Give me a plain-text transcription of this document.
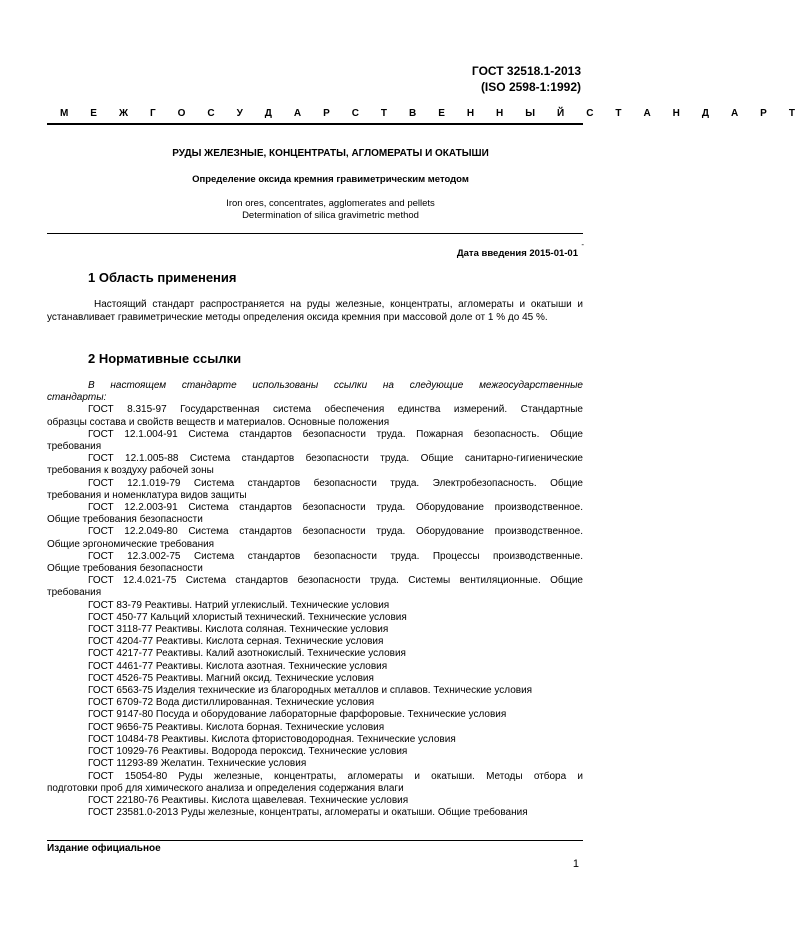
ГОСТ 32518.1-2013
(ISO 2598-1:1992)
М Е Ж Г О С У Д А Р С Т В Е Н Н Ы Й С Т А Н Д А Р Т
РУДЫ ЖЕЛЕЗНЫЕ, КОНЦЕНТРАТЫ, АГЛОМЕРАТЫ И ОКАТЫШИ
Определение оксида кремния гравиметрическим методом
Iron ores, concentrates, agglomerates and pellets
Determination of silica gravimetric method
-
Дата введения 2015-01-01
1 Область применения
Настоящий стандарт распространяется на руды железные, концентраты, агломераты и окатыши и устанавливает гравиметрические методы определения оксида кремния при массовой доле от 1 % до 45 %.
2 Нормативные ссылки
В настоящем стандарте использованы ссылки на следующие межгосударственные
стандарты:
ГОСТ 8.315-97 Государственная система обеспечения единства измерений. Стандартные
образцы состава и свойств веществ и материалов. Основные положения
ГОСТ 12.1.004-91 Система стандартов безопасности труда. Пожарная безопасность. Общие
требования
ГОСТ 12.1.005-88 Система стандартов безопасности труда. Общие санитарно-гигиенические
требования к воздуху рабочей зоны
ГОСТ 12.1.019-79 Система стандартов безопасности труда. Электробезопасность. Общие
требования и номенклатура видов защиты
ГОСТ 12.2.003-91 Система стандартов безопасности труда. Оборудование производственное.
Общие требования безопасности
ГОСТ 12.2.049-80 Система стандартов безопасности труда. Оборудование производственное.
Общие эргономические требования
ГОСТ 12.3.002-75 Система стандартов безопасности труда. Процессы производственные.
Общие требования безопасности
ГОСТ 12.4.021-75 Система стандартов безопасности труда. Системы вентиляционные. Общие
требования
ГОСТ 83-79 Реактивы. Натрий углекислый. Технические условия
ГОСТ 450-77 Кальций хлористый технический. Технические условия
ГОСТ 3118-77 Реактивы. Кислота соляная. Технические условия
ГОСТ 4204-77 Реактивы. Кислота серная. Технические условия
ГОСТ 4217-77 Реактивы. Калий азотнокислый. Технические условия
ГОСТ 4461-77 Реактивы. Кислота азотная. Технические условия
ГОСТ 4526-75 Реактивы. Магний оксид. Технические условия
ГОСТ 6563-75 Изделия технические из благородных металлов и сплавов. Технические условия
ГОСТ 6709-72 Вода дистиллированная. Технические условия
ГОСТ 9147-80 Посуда и оборудование лабораторные фарфоровые. Технические условия
ГОСТ 9656-75 Реактивы. Кислота борная. Технические условия
ГОСТ 10484-78 Реактивы. Кислота фтористоводородная. Технические условия
ГОСТ 10929-76 Реактивы. Водорода пероксид. Технические условия
ГОСТ 11293-89 Желатин. Технические условия
ГОСТ 15054-80 Руды железные, концентраты, агломераты и окатыши. Методы отбора и
подготовки проб для химического анализа и определения содержания влаги
ГОСТ 22180-76 Реактивы. Кислота щавелевая. Технические условия
ГОСТ 23581.0-2013 Руды железные, концентраты, агломераты и окатыши. Общие требования
Издание официальное
1
